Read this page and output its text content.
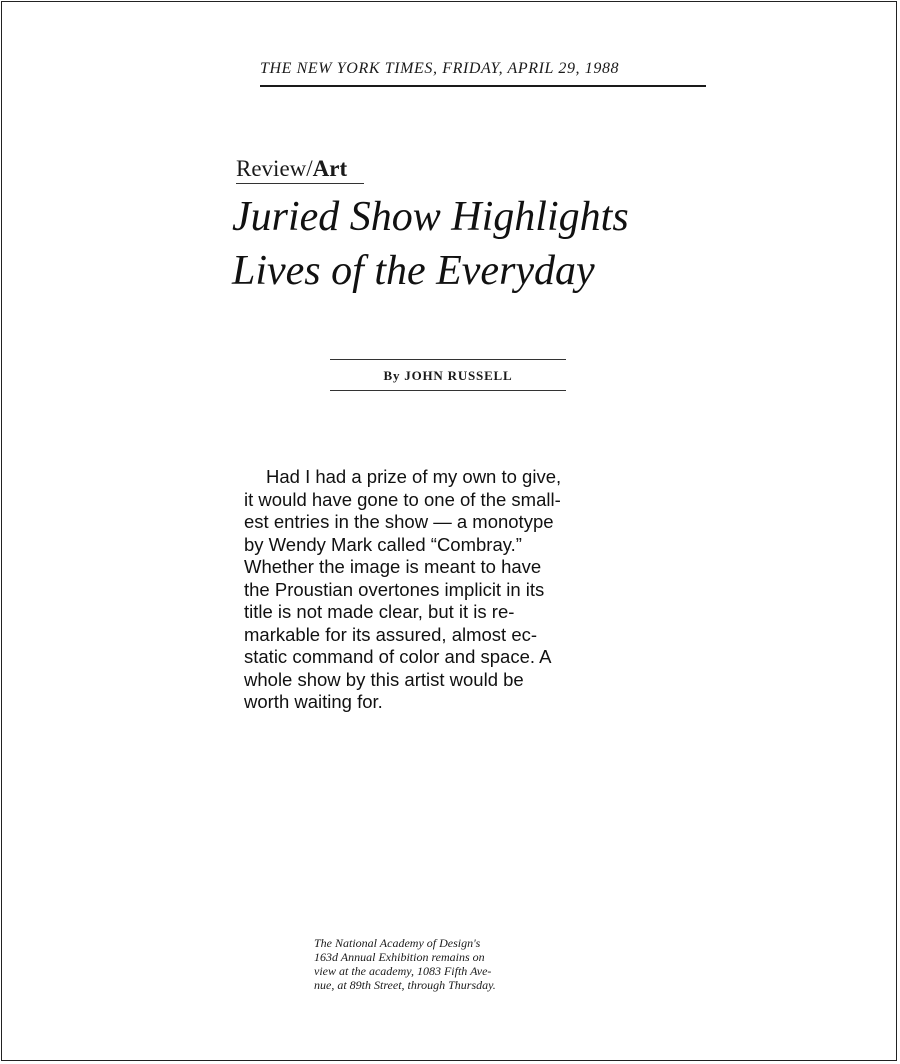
THE NEW YORK TIMES, FRIDAY, APRIL 29, 1988
Review/Art
Juried Show Highlights
Lives of the Everyday
By JOHN RUSSELL
Had I had a prize of my own to give,
it would have gone to one of the small-
est entries in the show — a monotype
by Wendy Mark called “Combray.”
Whether the image is meant to have
the Proustian overtones implicit in its
title is not made clear, but it is re-
markable for its assured, almost ec-
static command of color and space. A
whole show by this artist would be
worth waiting for.
The National Academy of Design's
163d Annual Exhibition remains on
view at the academy, 1083 Fifth Ave-
nue, at 89th Street, through Thursday.
